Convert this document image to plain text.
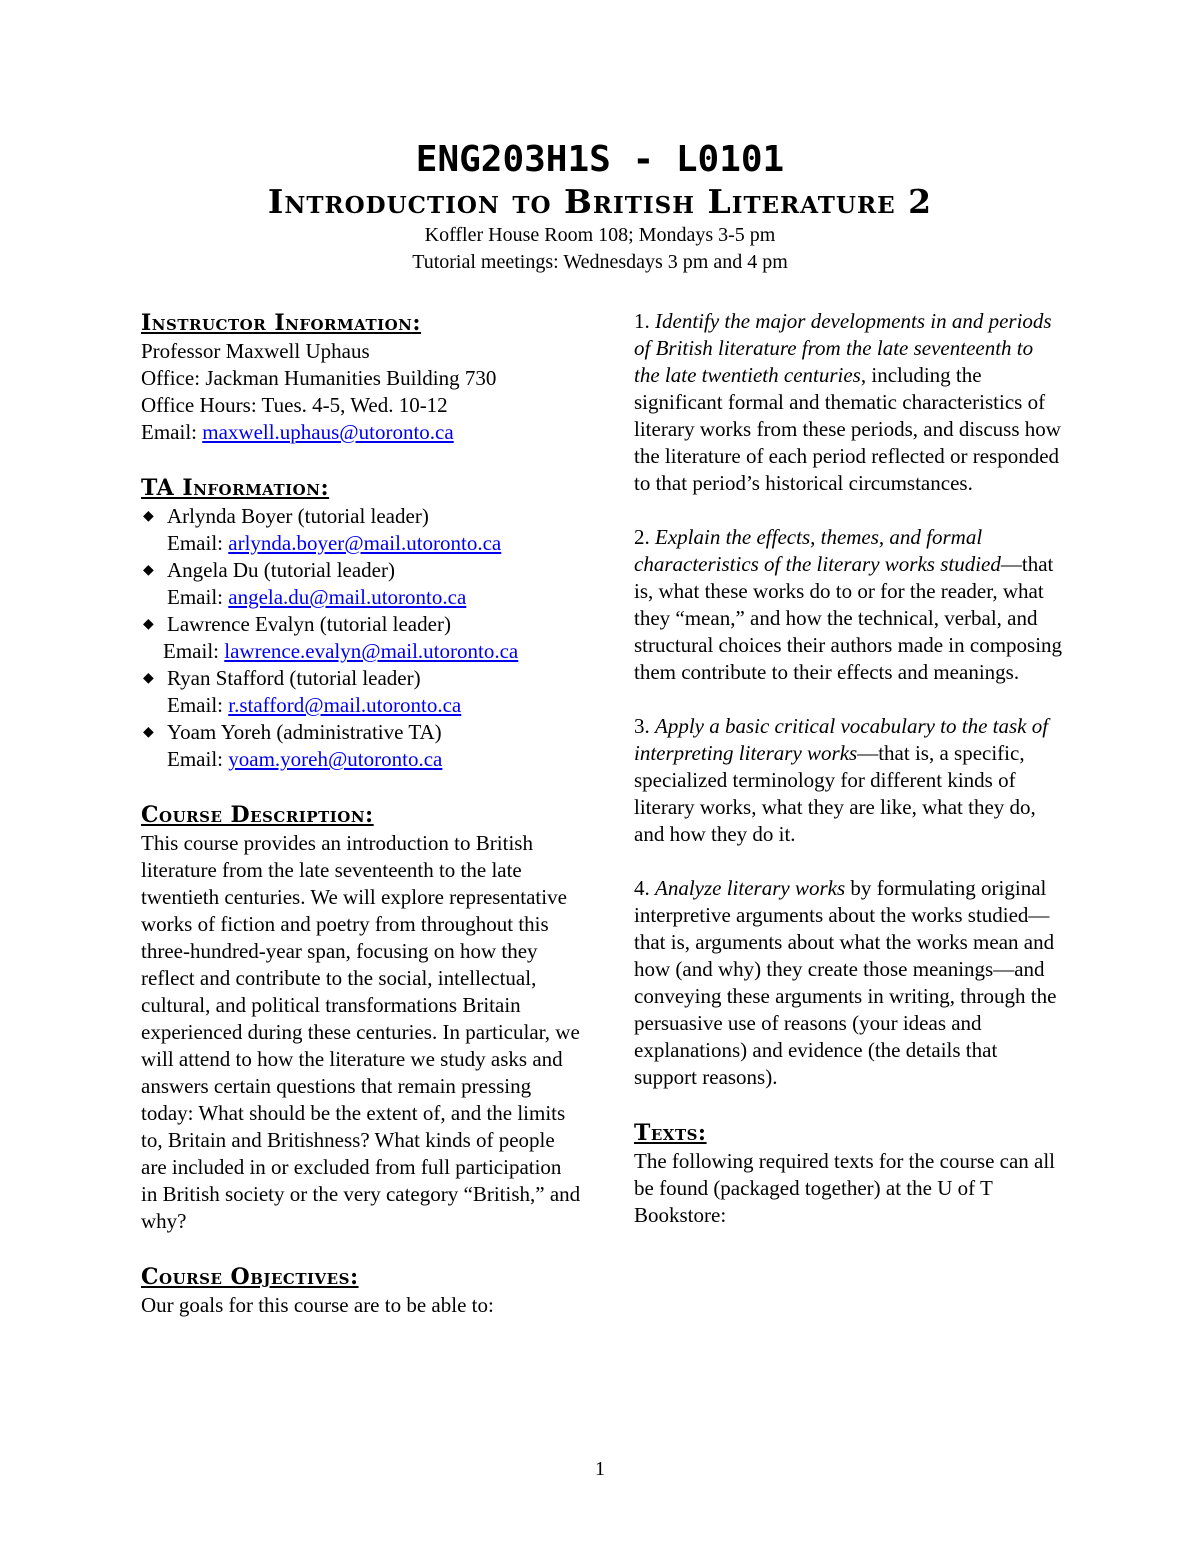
ENG203H1S - L0101
Introduction to British Literature 2
Koffler House Room 108; Mondays 3-5 pm
Tutorial meetings: Wednesdays 3 pm and 4 pm
Instructor Information:
Professor Maxwell Uphaus
Office: Jackman Humanities Building 730
Office Hours: Tues. 4-5, Wed. 10-12
Email: maxwell.uphaus@utoronto.ca
TA Information:
◆ Arlynda Boyer (tutorial leader)
Email: arlynda.boyer@mail.utoronto.ca
◆ Angela Du (tutorial leader)
Email: angela.du@mail.utoronto.ca
◆ Lawrence Evalyn (tutorial leader)
Email: lawrence.evalyn@mail.utoronto.ca
◆ Ryan Stafford (tutorial leader)
Email: r.stafford@mail.utoronto.ca
◆ Yoam Yoreh (administrative TA)
Email: yoam.yoreh@utoronto.ca
Course Description:

This course provides an introduction to British literature from the late seventeenth to the late twentieth centuries. We will explore representative works of fiction and poetry from throughout this three-hundred-year span, focusing on how they reflect and contribute to the social, intellectual, cultural, and political transformations Britain experienced during these centuries. In particular, we will attend to how the literature we study asks and answers certain questions that remain pressing today: What should be the extent of, and the limits to, Britain and Britishness? What kinds of people are included in or excluded from full participation in British society or the very category “British,” and why?

Course Objectives:
Our goals for this course are to be able to:

1. Identify the major developments in and periods of British literature from the late seventeenth to the late twentieth centuries, including the significant formal and thematic characteristics of literary works from these periods, and discuss how the literature of each period reflected or responded to that period’s historical circumstances.

2. Explain the effects, themes, and formal characteristics of the literary works studied—that is, what these works do to or for the reader, what they “mean,” and how the technical, verbal, and structural choices their authors made in composing them contribute to their effects and meanings.

3. Apply a basic critical vocabulary to the task of interpreting literary works—that is, a specific, specialized terminology for different kinds of literary works, what they are like, what they do, and how they do it.

4. Analyze literary works by formulating original interpretive arguments about the works studied—that is, arguments about what the works mean and how (and why) they create those meanings—and conveying these arguments in writing, through the persuasive use of reasons (your ideas and explanations) and evidence (the details that support reasons).

Texts:

The following required texts for the course can all be found (packaged together) at the U of T Bookstore:

1
